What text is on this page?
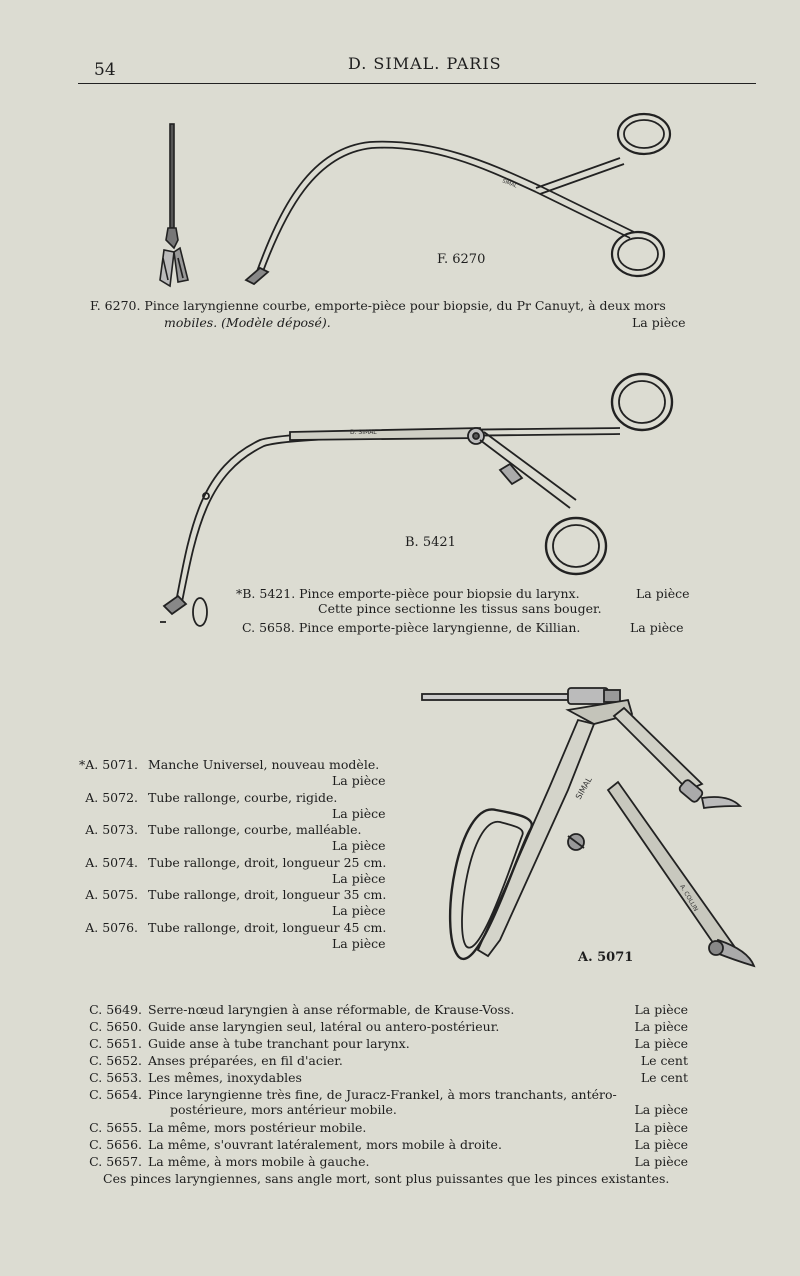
54	D. SIMAL. PARIS
SIMAL
F. 6270
F. 6270. Pince laryngienne courbe, emporte-pièce pour biopsie, du Pr Canuyt, à deux mors
mobiles. (Modèle déposé).	La pièce
D. SIMAL
B. 5421
*B. 5421. Pince emporte-pièce pour biopsie du larynx.	La pièce
Cette pince sectionne les tissus sans bouger.
C. 5658. Pince emporte-pièce laryngienne, de Killian.	La pièce
SIMAL
A. COLLIN
A. 5071
*A. 5071. Manche Universel, nouveau modèle.
La pièce
A. 5072. Tube rallonge, courbe, rigide.
La pièce
A. 5073. Tube rallonge, courbe, malléable.
La pièce
A. 5074. Tube rallonge, droit, longueur 25 cm.
La pièce
A. 5075. Tube rallonge, droit, longueur 35 cm.
La pièce
A. 5076. Tube rallonge, droit, longueur 45 cm.
La pièce
C. 5649. Serre-nœud laryngien à anse réformable, de Krause-Voss.	La pièce
C. 5650. Guide anse laryngien seul, latéral ou antero-postérieur.	La pièce
C. 5651. Guide anse à tube tranchant pour larynx.	La pièce
C. 5652. Anses préparées, en fil d'acier.	Le cent
C. 5653. Les mêmes, inoxydables	Le cent
C. 5654. Pince laryngienne très fine, de Juracz-Frankel, à mors tranchants, antéro-
postérieure, mors antérieur mobile.	La pièce
C. 5655. La même, mors postérieur mobile.	La pièce
C. 5656. La même, s'ouvrant latéralement, mors mobile à droite.	La pièce
C. 5657. La même, à mors mobile à gauche.	La pièce
Ces pinces laryngiennes, sans angle mort, sont plus puissantes que les pinces existantes.
